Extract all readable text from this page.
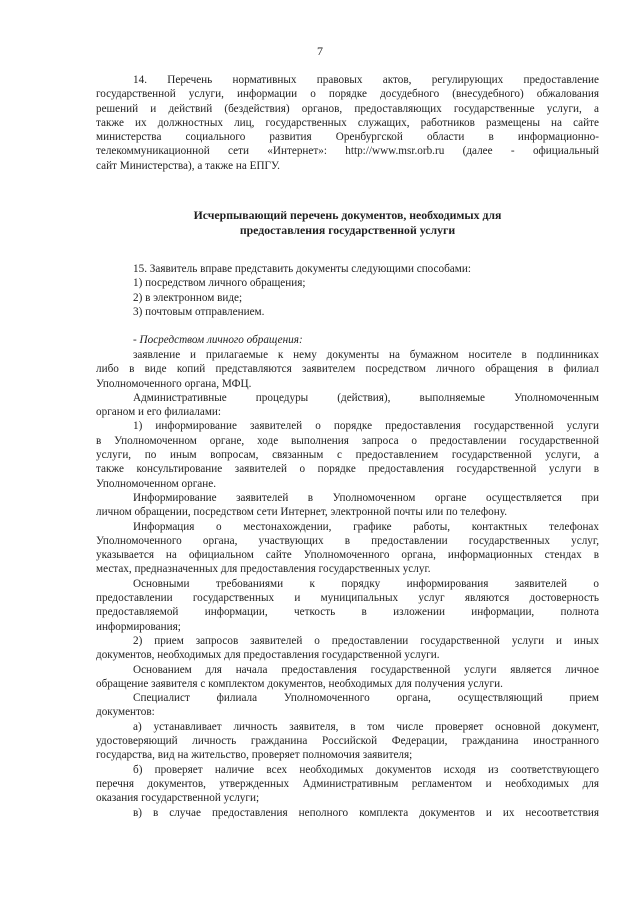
7
14. Перечень нормативных правовых актов, регулирующих предоставление
государственной услуги, информации о порядке досудебного (внесудебного) обжалования
решений и действий (бездействия) органов, предоставляющих государственные услуги, а
также их должностных лиц, государственных служащих, работников размещены на сайте
министерства социального развития Оренбургской области в информационно-
телекоммуникационной сети «Интернет»: http://www.msr.orb.ru (далее - официальный
сайт Министерства), а также на ЕПГУ.
Исчерпывающий перечень документов, необходимых для
предоставления государственной услуги
15. Заявитель вправе представить документы следующими способами:
1) посредством личного обращения;
2) в электронном виде;
3) почтовым отправлением.
- Посредством личного обращения:
заявление и прилагаемые к нему документы на бумажном носителе в подлинниках
либо в виде копий представляются заявителем посредством личного обращения в филиал
Уполномоченного органа, МФЦ.
Административные процедуры (действия), выполняемые Уполномоченным
органом и его филиалами:
1) информирование заявителей о порядке предоставления государственной услуги
в Уполномоченном органе, ходе выполнения запроса о предоставлении государственной
услуги, по иным вопросам, связанным с предоставлением государственной услуги, а
также консультирование заявителей о порядке предоставления государственной услуги в
Уполномоченном органе.
Информирование заявителей в Уполномоченном органе осуществляется при
личном обращении, посредством сети Интернет, электронной почты или по телефону.
Информация о местонахождении, графике работы, контактных телефонах
Уполномоченного органа, участвующих в предоставлении государственных услуг,
указывается на официальном сайте Уполномоченного органа, информационных стендах в
местах, предназначенных для предоставления государственных услуг.
Основными требованиями к порядку информирования заявителей о
предоставлении государственных и муниципальных услуг являются достоверность
предоставляемой информации, четкость в изложении информации, полнота
информирования;
2) прием запросов заявителей о предоставлении государственной услуги и иных
документов, необходимых для предоставления государственной услуги.
Основанием для начала предоставления государственной услуги является личное
обращение заявителя с комплектом документов, необходимых для получения услуги.
Специалист филиала Уполномоченного органа, осуществляющий прием
документов:
а) устанавливает личность заявителя, в том числе проверяет основной документ,
удостоверяющий личность гражданина Российской Федерации, гражданина иностранного
государства, вид на жительство, проверяет полномочия заявителя;
б) проверяет наличие всех необходимых документов исходя из соответствующего
перечня документов, утвержденных Административным регламентом и необходимых для
оказания государственной услуги;
в) в случае предоставления неполного комплекта документов и их несоответствия
